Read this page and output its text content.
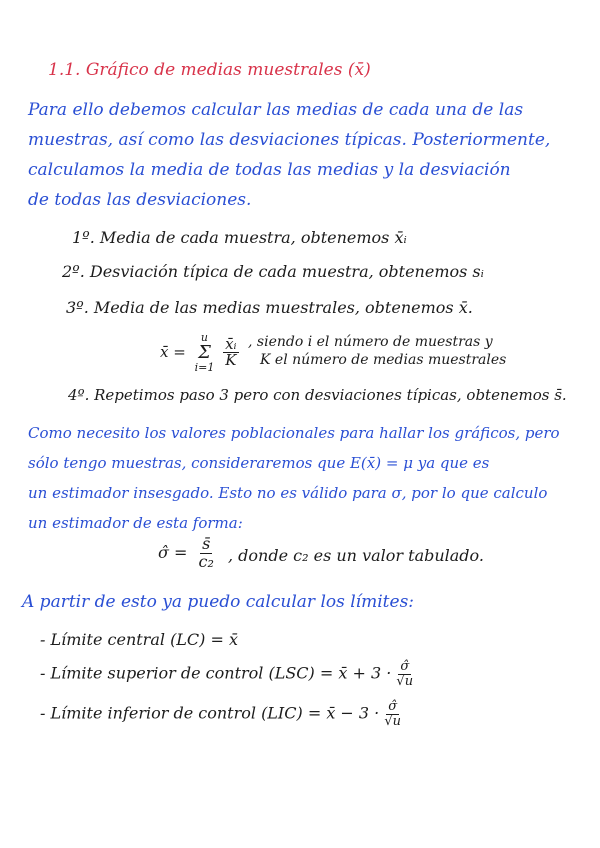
1.1. Gráfico de medias muestrales (x̄)
Para ello debemos calcular las medias de cada una de las
muestras, así como las desviaciones típicas. Posteriormente,
calculamos la media de todas las medias y la desviación
de todas las desviaciones.
1º. Media de cada muestra, obtenemos x̄ᵢ
2º. Desviación típica de cada muestra, obtenemos sᵢ
3º. Media de las medias muestrales, obtenemos x̄.
x̄ =
u
Σ
i=1
$\frac{\text{x̄ᵢ}}{K}$ , siendo i el número de muestras y
K el número de medias muestrales
4º. Repetimos paso 3 pero con desviaciones típicas, obtenemos s̄.
Como necesito los valores poblacionales para hallar los gráficos, pero
sólo tengo muestras, consideraremos que E(x̄) = μ ya que es
un estimador insesgado. Esto no es válido para σ, por lo que calculo
un estimador de esta forma:
σ̂ = $\frac{s̄}{\text{c₂}}$ , donde c₂ es un valor tabulado.
A partir de esto ya puedo calcular los límites:
- Límite central (LC) = x̄
- Límite superior de control (LSC) = x̄ + $3 \cdot \frac{\sigmâ}{√u}$
- Límite inferior de control (LIC) = x̄ − $3 \cdot \frac{\sigmâ}{√u}$
